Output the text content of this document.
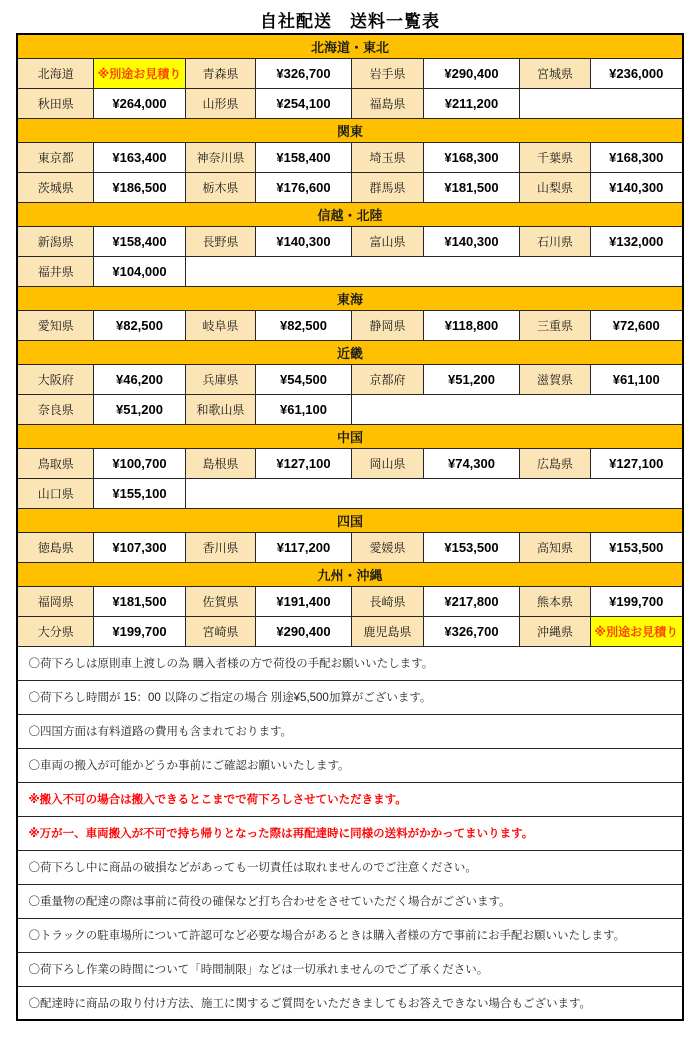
自社配送　送料一覧表
北海道・東北							
北海道	※別途お見積り	青森県	¥326,700	岩手県	¥290,400	宮城県	¥236,000
秋田県	¥264,000	山形県	¥254,100	福島県	¥211,200		
関東							
東京都	¥163,400	神奈川県	¥158,400	埼玉県	¥168,300	千葉県	¥168,300
茨城県	¥186,500	栃木県	¥176,600	群馬県	¥181,500	山梨県	¥140,300
信越・北陸							
新潟県	¥158,400	長野県	¥140,300	富山県	¥140,300	石川県	¥132,000
福井県	¥104,000						
東海							
愛知県	¥82,500	岐阜県	¥82,500	静岡県	¥118,800	三重県	¥72,600
近畿							
大阪府	¥46,200	兵庫県	¥54,500	京都府	¥51,200	滋賀県	¥61,100
奈良県	¥51,200	和歌山県	¥61,100				
中国							
鳥取県	¥100,700	島根県	¥127,100	岡山県	¥74,300	広島県	¥127,100
山口県	¥155,100						
四国							
徳島県	¥107,300	香川県	¥117,200	愛媛県	¥153,500	高知県	¥153,500
九州・沖縄							
福岡県	¥181,500	佐賀県	¥191,400	長崎県	¥217,800	熊本県	¥199,700
大分県	¥199,700	宮崎県	¥290,400	鹿児島県	¥326,700	沖縄県	※別途お見積り
〇荷下ろしは原則車上渡しの為 購入者様の方で荷役の手配お願いいたします。							
〇荷下ろし時間が 15：00 以降のご指定の場合 別途¥5,500加算がございます。							
〇四国方面は有料道路の費用も含まれております。							
〇車両の搬入が可能かどうか事前にご確認お願いいたします。							
※搬入不可の場合は搬入できるとこまでで荷下ろしさせていただきます。							
※万が一、車両搬入が不可で持ち帰りとなった際は再配達時に同様の送料がかかってまいります。							
〇荷下ろし中に商品の破損などがあっても一切責任は取れませんのでご注意ください。							
〇重量物の配達の際は事前に荷役の確保など打ち合わせをさせていただく場合がございます。							
〇トラックの駐車場所について許認可など必要な場合があるときは購入者様の方で事前にお手配お願いいたします。							
〇荷下ろし作業の時間について「時間制限」などは一切承れませんのでご了承ください。							
〇配達時に商品の取り付け方法、施工に関するご質問をいただきましてもお答えできない場合もございます。							
